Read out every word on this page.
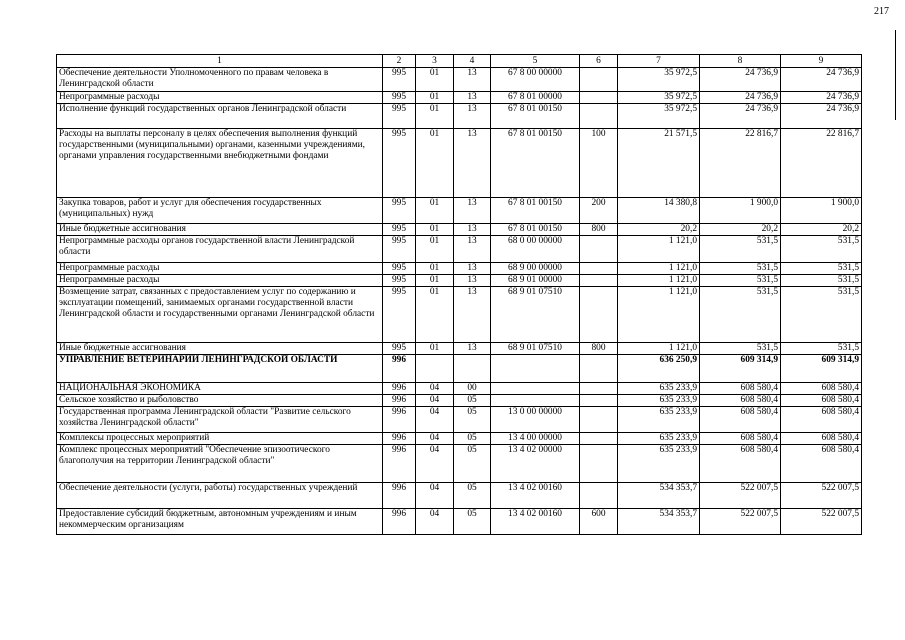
217
1	2	3	4	5	6	7	8	9
Обеспечение деятельности Уполномоченного по правам человека в Ленинградской области	995	01	13	67 8 00 00000		35 972,5	24 736,9	24 736,9
Непрограммные расходы	995	01	13	67 8 01 00000		35 972,5	24 736,9	24 736,9
Исполнение функций государственных органов Ленинградской области	995	01	13	67 8 01 00150		35 972,5	24 736,9	24 736,9
Расходы на выплаты персоналу в целях обеспечения выполнения функций государственными (муниципальными) органами, казенными учреждениями, органами управления государственными внебюджетными фондами	995	01	13	67 8 01 00150	100	21 571,5	22 816,7	22 816,7
Закупка товаров, работ и услуг для обеспечения государственных (муниципальных) нужд	995	01	13	67 8 01 00150	200	14 380,8	1 900,0	1 900,0
Иные бюджетные ассигнования	995	01	13	67 8 01 00150	800	20,2	20,2	20,2
Непрограммные расходы органов государственной власти Ленинградской области	995	01	13	68 0 00 00000		1 121,0	531,5	531,5
Непрограммные расходы	995	01	13	68 9 00 00000		1 121,0	531,5	531,5
Непрограммные расходы	995	01	13	68 9 01 00000		1 121,0	531,5	531,5
Возмещение затрат, связанных с предоставлением услуг по содержанию и эксплуатации помещений, занимаемых органами государственной власти Ленинградской области и государственными органами Ленинградской области	995	01	13	68 9 01 07510		1 121,0	531,5	531,5
Иные бюджетные ассигнования	995	01	13	68 9 01 07510	800	1 121,0	531,5	531,5
УПРАВЛЕНИЕ ВЕТЕРИНАРИИ ЛЕНИНГРАДСКОЙ ОБЛАСТИ	996					636 250,9	609 314,9	609 314,9
НАЦИОНАЛЬНАЯ ЭКОНОМИКА	996	04	00			635 233,9	608 580,4	608 580,4
Сельское хозяйство и рыболовство	996	04	05			635 233,9	608 580,4	608 580,4
Государственная программа Ленинградской области "Развитие сельского хозяйства Ленинградской области"	996	04	05	13 0 00 00000		635 233,9	608 580,4	608 580,4
Комплексы процессных мероприятий	996	04	05	13 4 00 00000		635 233,9	608 580,4	608 580,4
Комплекс процессных мероприятий "Обеспечение эпизоотического благополучия на территории Ленинградской области"	996	04	05	13 4 02 00000		635 233,9	608 580,4	608 580,4
Обеспечение деятельности (услуги, работы) государственных учреждений	996	04	05	13 4 02 00160		534 353,7	522 007,5	522 007,5
Предоставление субсидий бюджетным, автономным учреждениям и иным некоммерческим организациям	996	04	05	13 4 02 00160	600	534 353,7	522 007,5	522 007,5
